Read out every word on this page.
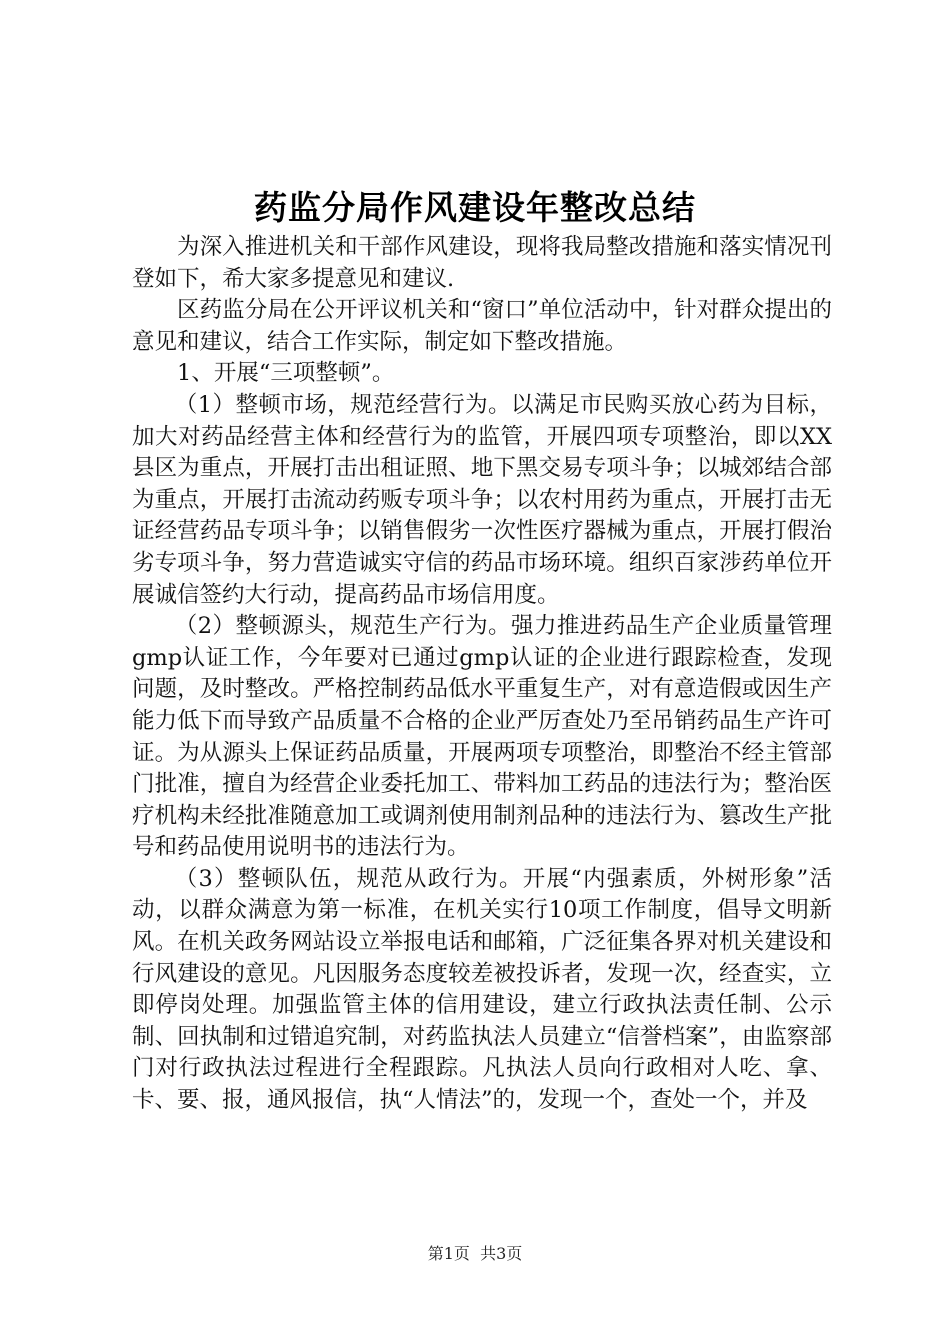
药监分局作风建设年整改总结

为深入推进机关和干部作风建设，现将我局整改措施和落实情况刊登如下，希大家多提意见和建议.

区药监分局在公开评议机关和“窗口”单位活动中，针对群众提出的意见和建议，结合工作实际，制定如下整改措施。

1、开展“三项整顿”。

（1）整顿市场，规范经营行为。以满足市民购买放心药为目标，加大对药品经营主体和经营行为的监管，开展四项专项整治，即以XX县区为重点，开展打击出租证照、地下黑交易专项斗争；以城郊结合部为重点，开展打击流动药贩专项斗争；以农村用药为重点，开展打击无证经营药品专项斗争；以销售假劣一次性医疗器械为重点，开展打假治劣专项斗争，努力营造诚实守信的药品市场环境。组织百家涉药单位开展诚信签约大行动，提高药品市场信用度。

（2）整顿源头，规范生产行为。强力推进药品生产企业质量管理gmp认证工作，今年要对已通过gmp认证的企业进行跟踪检查，发现问题，及时整改。严格控制药品低水平重复生产，对有意造假或因生产能力低下而导致产品质量不合格的企业严厉查处乃至吊销药品生产许可证。为从源头上保证药品质量，开展两项专项整治，即整治不经主管部门批准，擅自为经营企业委托加工、带料加工药品的违法行为；整治医疗机构未经批准随意加工或调剂使用制剂品种的违法行为、篡改生产批号和药品使用说明书的违法行为。

（3）整顿队伍，规范从政行为。开展“内强素质，外树形象”活动，以群众满意为第一标准，在机关实行10项工作制度，倡导文明新风。在机关政务网站设立举报电话和邮箱，广泛征集各界对机关建设和行风建设的意见。凡因服务态度较差被投诉者，发现一次，经查实，立即停岗处理。加强监管主体的信用建设，建立行政执法责任制、公示制、回执制和过错追究制，对药监执法人员建立“信誉档案”，由监察部门对行政执法过程进行全程跟踪。凡执法人员向行政相对人吃、拿、卡、要、报，通风报信，执“人情法”的，发现一个，查处一个，并及

第1页 共3页
